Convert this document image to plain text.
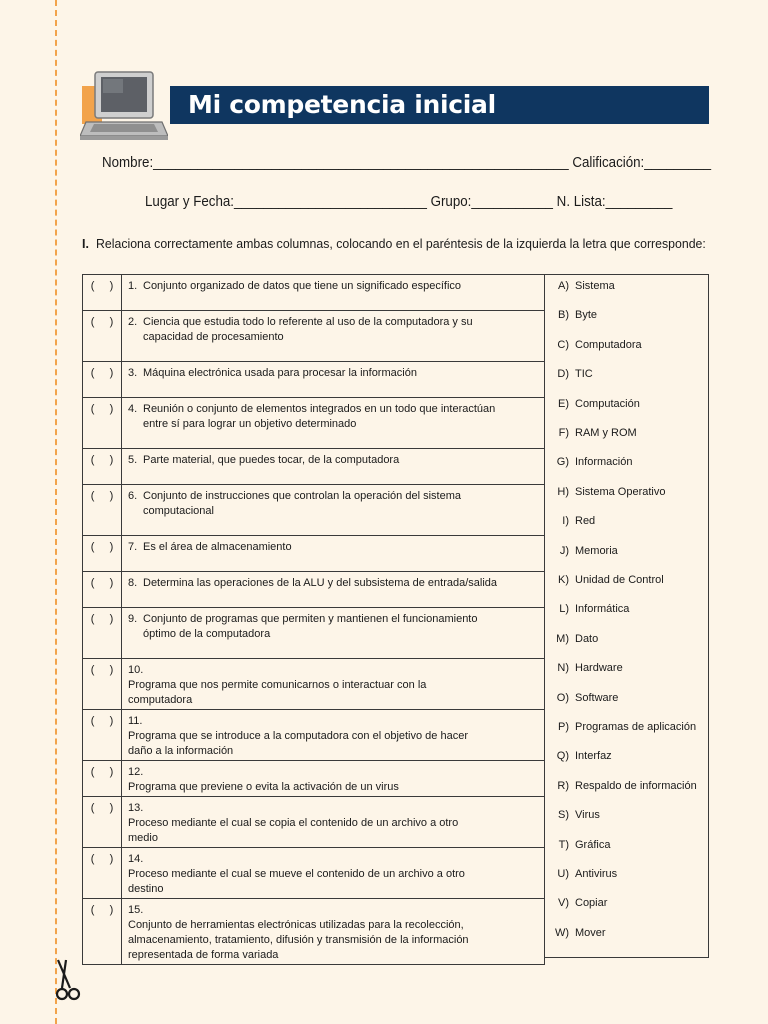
Mi competencia inicial
Nombre:________________________________________________________ Calificación:_________
Lugar y Fecha:__________________________ Grupo:___________ N. Lista:_________
I. Relaciona correctamente ambas columnas, colocando en el paréntesis de la izquierda la letra que corresponde:
(     )	1. Conjunto organizado de datos que tiene un significado específico

(     )	2. Ciencia que estudia todo lo referente al uso de la computadora y su
capacidad de procesamiento

(     )	3. Máquina electrónica usada para procesar la información

(     )	4. Reunión o conjunto de elementos integrados en un todo que interactúan
entre sí para lograr un objetivo determinado

(     )	5. Parte material, que puedes tocar, de la computadora

(     )	6. Conjunto de instrucciones que controlan la operación del sistema
computacional

(     )	7. Es el área de almacenamiento

(     )	8. Determina las operaciones de la ALU y del subsistema de entrada/salida

(     )	9. Conjunto de programas que permiten y mantienen el funcionamiento
óptimo de la computadora

(     )	10.
Programa que nos permite comunicarnos o interactuar con la
computadora

(     )	11.
Programa que se introduce a la computadora con el objetivo de hacer
daño a la información

(     )	12.
Programa que previene o evita la activación de un virus

(     )	13.
Proceso mediante el cual se copia el contenido de un archivo a otro
medio

(     )	14.
Proceso mediante el cual se mueve el contenido de un archivo a otro
destino

(     )	15.
Conjunto de herramientas electrónicas utilizadas para la recolección,
almacenamiento, tratamiento, difusión y transmisión de la información
representada de forma variada
A) Sistema
B) Byte
C) Computadora
D) TIC
E) Computación
F) RAM y ROM
G) Información
H) Sistema Operativo
I) Red
J) Memoria
K) Unidad de Control
L) Informática
M) Dato
N) Hardware
O) Software
P) Programas de aplicación
Q) Interfaz
R) Respaldo de información
S) Virus
T) Gráfica
U) Antivirus
V) Copiar
W) Mover
